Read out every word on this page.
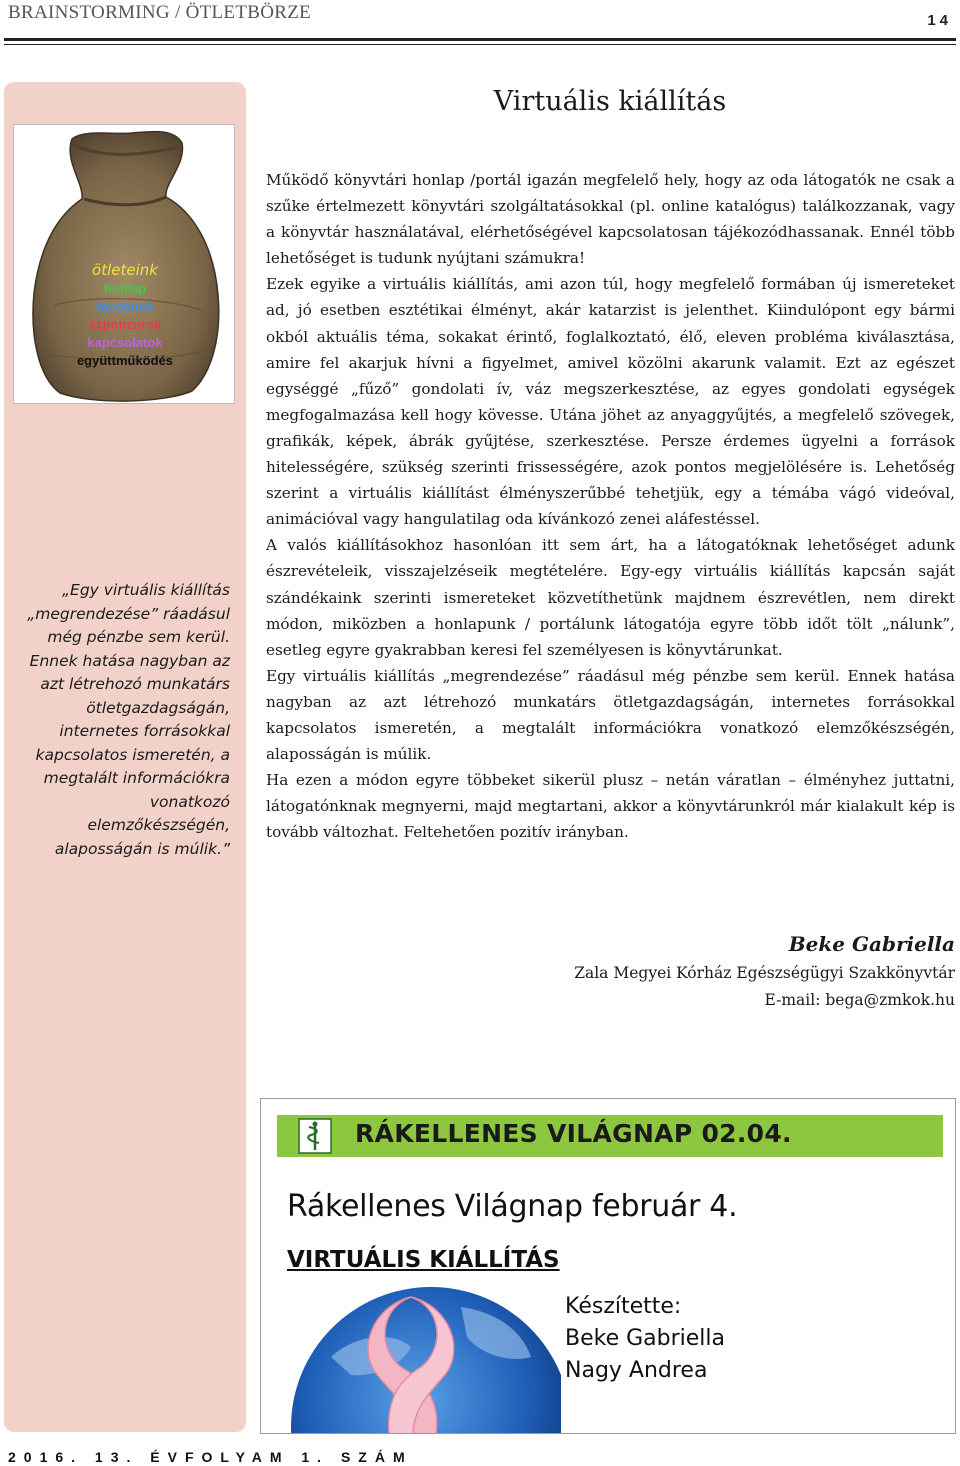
BRAINSTORMING / ÖTLETBÖRZE	14
ötleteink
honlap
facebook
szponzorok
kapcsolatok
együttműködés
„Egy virtuális kiállítás „megrendezése” ráadásul még pénzbe sem kerül. Ennek hatása nagyban az azt létrehozó munkatárs ötletgazdagságán, internetes forrásokkal kapcsolatos ismeretén, a megtalált információkra vonatkozó elemzőkészségén, alaposságán is múlik.”
Virtuális kiállítás

Működő könyvtári honlap /portál igazán megfelelő hely, hogy az oda látogatók ne csak a szűke értelmezett könyvtári szolgáltatásokkal (pl. online katalógus) találkozzanak, vagy a könyvtár használatával, elérhetőségével kapcsolatosan tájékozódhassanak. Ennél több lehetőséget is tudunk nyújtani számukra!

Ezek egyike a virtuális kiállítás, ami azon túl, hogy megfelelő formában új ismereteket ad, jó esetben esztétikai élményt, akár katarzist is jelenthet. Kiindulópont egy bármi okból aktuális téma, sokakat érintő, foglalkoztató, élő, eleven probléma kiválasztása, amire fel akarjuk hívni a figyelmet, amivel közölni akarunk valamit. Ezt az egészet egységgé „fűző” gondolati ív, váz megszerkesztése, az egyes gondolati egységek megfogalmazása kell hogy kövesse. Utána jöhet az anyaggyűjtés, a megfelelő szövegek, grafikák, képek, ábrák gyűjtése, szerkesztése. Persze érdemes ügyelni a források hitelességére, szükség szerinti frissességére, azok pontos megjelölésére is. Lehetőség szerint a virtuális kiállítást élményszerűbbé tehetjük, egy a témába vágó videóval, animációval vagy hangulatilag oda kívánkozó zenei aláfestéssel.

A valós kiállításokhoz hasonlóan itt sem árt, ha a látogatóknak lehetőséget adunk észrevételeik, visszajelzéseik megtételére. Egy-egy virtuális kiállítás kapcsán saját szándékaink szerinti ismereteket közvetíthetünk majdnem észrevétlen, nem direkt módon, miközben a honlapunk / portálunk látogatója egyre több időt tölt „nálunk”, esetleg egyre gyakrabban keresi fel személyesen is könyvtárunkat.

Egy virtuális kiállítás „megrendezése” ráadásul még pénzbe sem kerül. Ennek hatása nagyban az azt létrehozó munkatárs ötletgazdagságán, internetes forrásokkal kapcsolatos ismeretén, a megtalált információkra vonatkozó elemzőkészségén, alaposságán is múlik.

Ha ezen a módon egyre többeket sikerül plusz – netán váratlan – élményhez juttatni, látogatónknak megnyerni, majd megtartani, akkor a könyvtárunkról már kialakult kép is tovább változhat. Feltehetően pozitív irányban.

Beke Gabriella
Zala Megyei Kórház Egészségügyi Szakkönyvtár
E-mail: bega@zmkok.hu
RÁKELLENES VILÁGNAP 02.04.
Rákellenes Világnap február 4.
VIRTUÁLIS KIÁLLÍTÁS
Készítette:
Beke Gabriella
Nagy Andrea
2016. 13. ÉVFOLYAM 1. SZÁM
